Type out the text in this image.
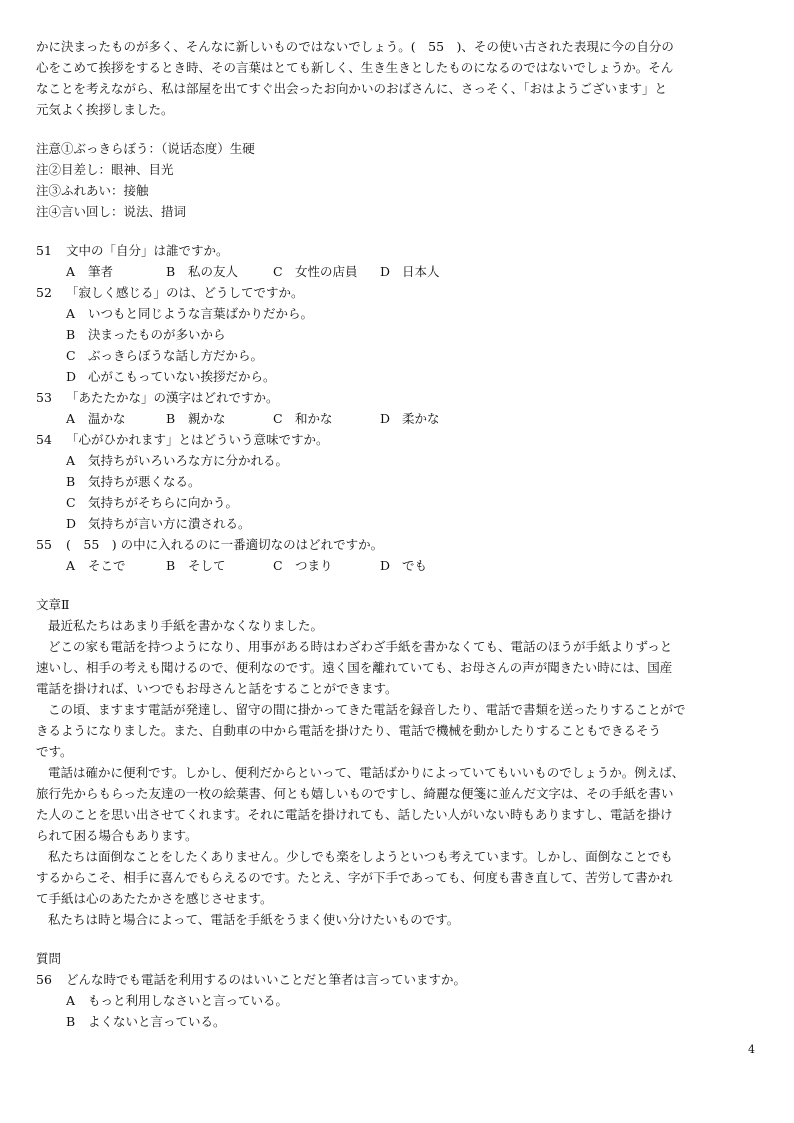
かに決まったものが多く、そんなに新しいものではないでしょう。(　55　)、その使い古された表現に今の自分の
心をこめて挨拶をするとき時、その言葉はとても新しく、生き生きとしたものになるのではないでしょうか。そん
なことを考えながら、私は部屋を出てすぐ出会ったお向かいのおばさんに、さっそく、「おはようございます」と
元気よく挨拶しました。
注意①ぶっきらぼう：（说话态度）生硬
注②目差し：眼神、目光
注③ふれあい：接触
注④言い回し：说法、措词
51	文中の「自分」は誰ですか。
A	筆者	B	私の友人	C 女性の店員 D 日本人
52	「寂しく感じる」のは、どうしてですか。
A	いつもと同じような言葉ばかりだから。
B	決まったものが多いから
C ぶっきらぼうな話し方だから。
D 心がこもっていない挨拶だから。
53	「あたたかな」の漢字はどれですか。
A	温かな	B	親かな	C 和かな	D 柔かな
54	「心がひかれます」とはどういう意味ですか。
A	気持ちがいろいろな方に分かれる。
B	気持ちが悪くなる。
C 気持ちがそちらに向かう。
D 気持ちが言い方に潰される。
55	(　55　) の中に入れるのに一番適切なのはどれですか。
A	そこで	B	そして	C つまり	D でも
文章Ⅱ
最近私たちはあまり手紙を書かなくなりました。
どこの家も電話を持つようになり、用事がある時はわざわざ手紙を書かなくても、電話のほうが手紙よりずっと
速いし、相手の考えも聞けるので、便利なのです。遠く国を離れていても、お母さんの声が聞きたい時には、国産
電話を掛ければ、いつでもお母さんと話をすることができます。
この頃、ますます電話が発達し、留守の間に掛かってきた電話を録音したり、電話で書類を送ったりすることがで
きるようになりました。また、自動車の中から電話を掛けたり、電話で機械を動かしたりすることもできるそう
です。
電話は確かに便利です。しかし、便利だからといって、電話ばかりによっていてもいいものでしょうか。例えば、
旅行先からもらった友達の一枚の絵葉書、何とも嬉しいものですし、綺麗な便箋に並んだ文字は、その手紙を書い
た人のことを思い出させてくれます。それに電話を掛けれても、話したい人がいない時もありますし、電話を掛け
られて困る場合もあります。
私たちは面倒なことをしたくありません。少しでも楽をしようといつも考えています。しかし、面倒なことでも
するからこそ、相手に喜んでもらえるのです。たとえ、字が下手であっても、何度も書き直して、苦労して書かれ
て手紙は心のあたたかさを感じさせます。
私たちは時と場合によって、電話を手紙をうまく使い分けたいものです。
質問
56	どんな時でも電話を利用するのはいいことだと筆者は言っていますか。
A	もっと利用しなさいと言っている。
B	よくないと言っている。
4
